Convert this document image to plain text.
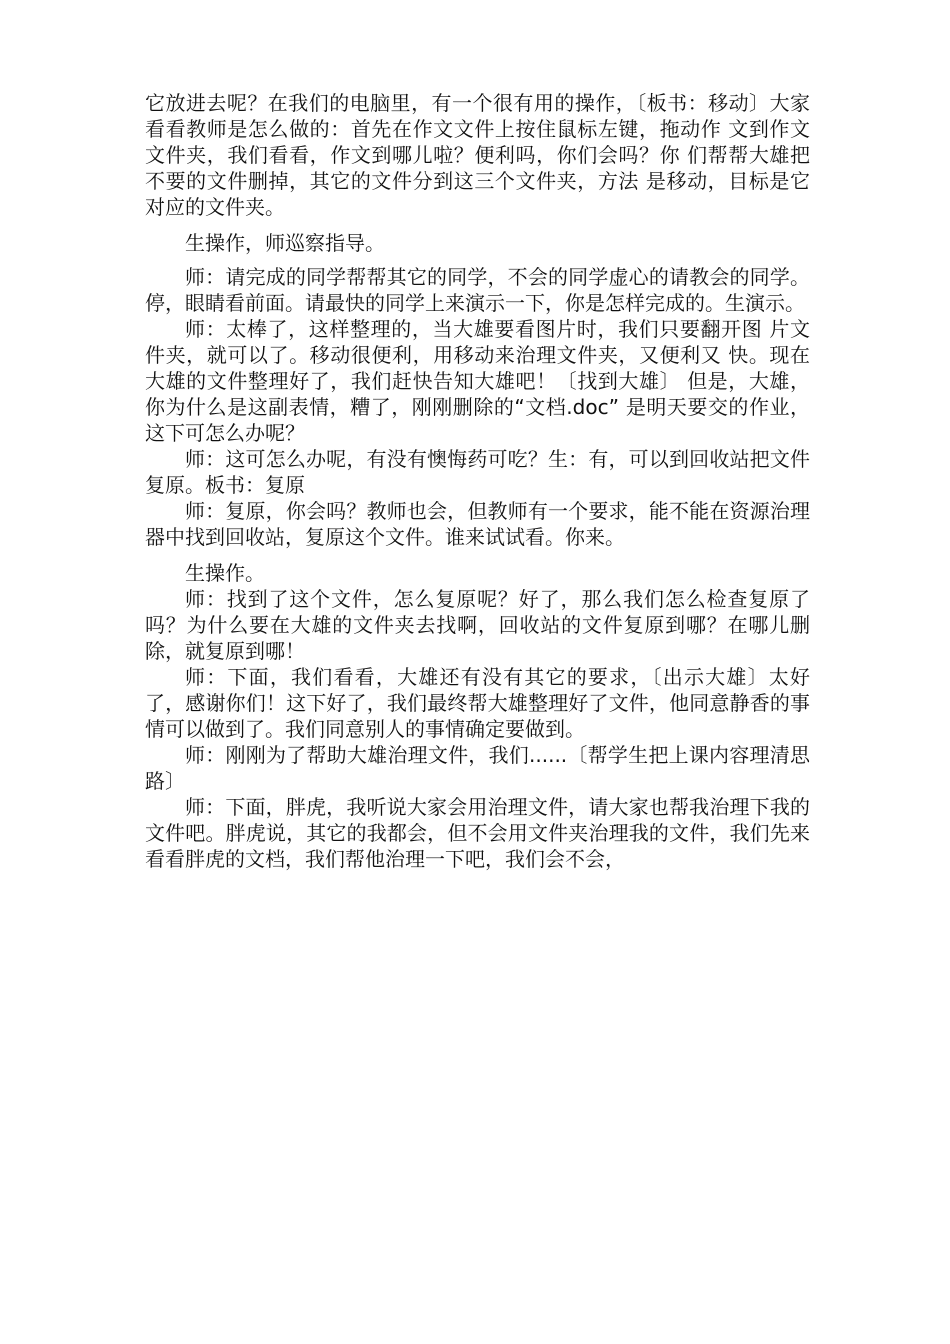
它放进去呢？在我们的电脑里，有一个很有用的操作，〔板书：移动〕大家看看教师是怎么做的：首先在作文文件上按住鼠标左键，拖动作 文到作文文件夹，我们看看，作文到哪儿啦？便利吗，你们会吗？你 们帮帮大雄把不要的文件删掉，其它的文件分到这三个文件夹，方法 是移动，目标是它对应的文件夹。

生操作，师巡察指导。

师：请完成的同学帮帮其它的同学，不会的同学虚心的请教会的同学。停，眼睛看前面。请最快的同学上来演示一下，你是怎样完成的。生演示。

师：太棒了，这样整理的，当大雄要看图片时，我们只要翻开图 片文件夹，就可以了。移动很便利，用移动来治理文件夹，又便利又 快。现在大雄的文件整理好了，我们赶快告知大雄吧！〔找到大雄〕 但是，大雄，你为什么是这副表情，糟了，刚刚删除的“文档.doc” 是明天要交的作业，这下可怎么办呢？

师：这可怎么办呢，有没有懊悔药可吃？生：有，可以到回收站把文件复原。板书：复原

师：复原，你会吗？教师也会，但教师有一个要求，能不能在资源治理器中找到回收站，复原这个文件。谁来试试看。你来。

生操作。

师：找到了这个文件，怎么复原呢？好了，那么我们怎么检查复原了吗？为什么要在大雄的文件夹去找啊，回收站的文件复原到哪？在哪儿删除，就复原到哪！

师：下面，我们看看，大雄还有没有其它的要求，〔出示大雄〕太好了，感谢你们！这下好了，我们最终帮大雄整理好了文件，他同意静香的事情可以做到了。我们同意别人的事情确定要做到。

师：刚刚为了帮助大雄治理文件，我们......〔帮学生把上课内容理清思路〕

师：下面，胖虎，我听说大家会用治理文件，请大家也帮我治理下我的文件吧。胖虎说，其它的我都会，但不会用文件夹治理我的文件，我们先来看看胖虎的文档，我们帮他治理一下吧，我们会不会，
